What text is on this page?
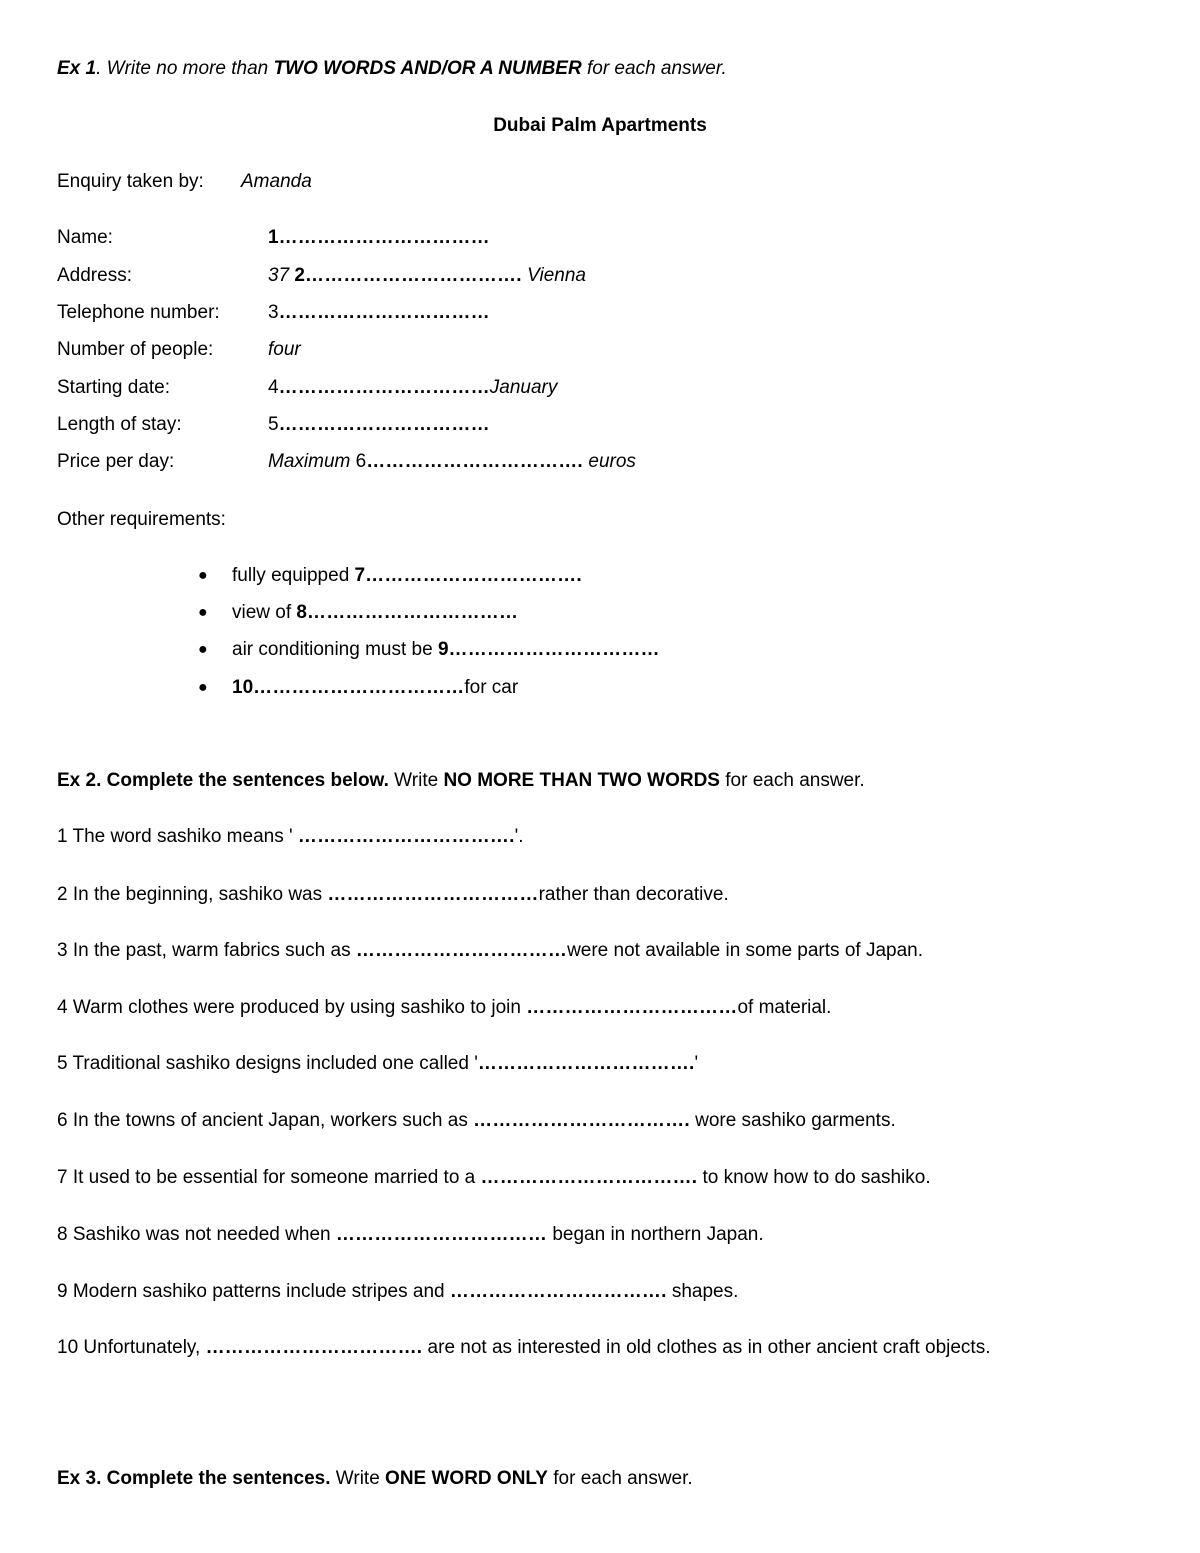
Ex 1. Write no more than TWO WORDS AND/OR A NUMBER for each answer.
Dubai Palm Apartments
Enquiry taken by: Amanda
Name:	1……………………………
Address:	37 2……………………………. Vienna
Telephone number:	3……………………………
Number of people:	four
Starting date:	4……………………………January
Length of stay:	5……………………………
Price per day:	Maximum 6……………………………. euros
Other requirements:
● fully equipped 7…………………………….
● view of 8……………………………
● air conditioning must be 9……………………………
● 10……………………………for car
Ex 2. Complete the sentences below. Write NO MORE THAN TWO WORDS for each answer.
1 The word sashiko means ' …………………………….'.
2 In the beginning, sashiko was ……………………………rather than decorative.
3 In the past, warm fabrics such as ……………………………were not available in some parts of Japan.
4 Warm clothes were produced by using sashiko to join ……………………………of material.
5 Traditional sashiko designs included one called '…………………………….'
6 In the towns of ancient Japan, workers such as ……………………………. wore sashiko garments.
7 It used to be essential for someone married to a ……………………………. to know how to do sashiko.
8 Sashiko was not needed when …………………………… began in northern Japan.
9 Modern sashiko patterns include stripes and ……………………………. shapes.
10 Unfortunately, ……………………………. are not as interested in old clothes as in other ancient craft objects.
Ex 3. Complete the sentences. Write ONE WORD ONLY for each answer.
